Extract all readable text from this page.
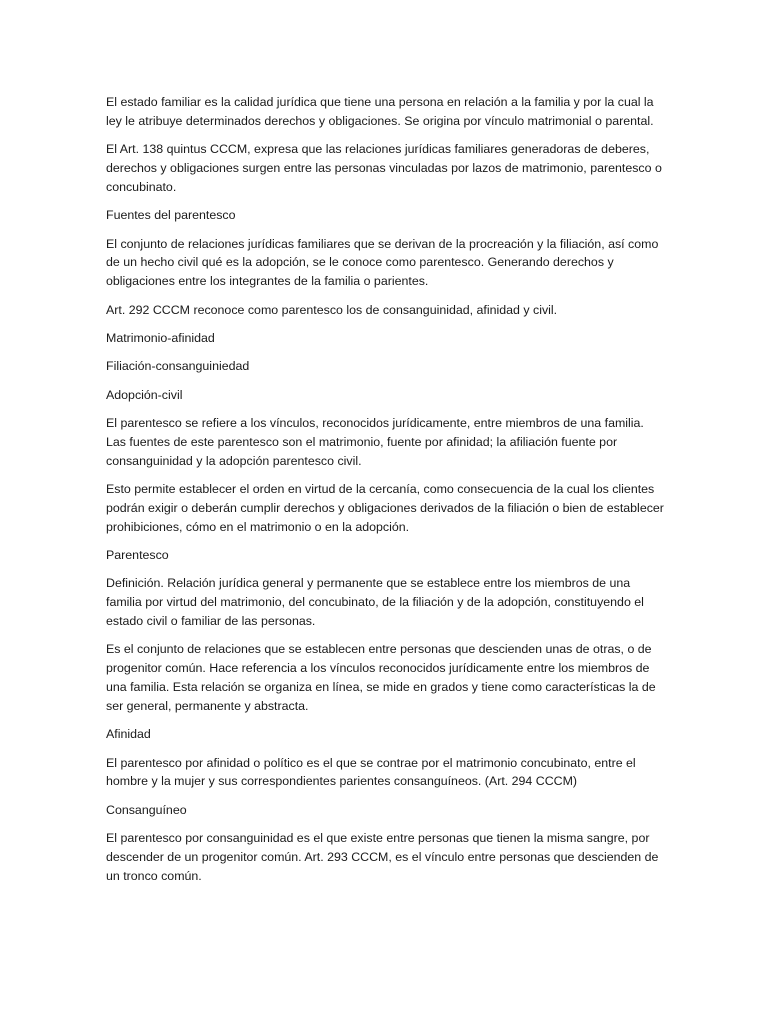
El estado familiar es la calidad jurídica que tiene una persona en relación a la familia y por la cual la ley le atribuye determinados derechos y obligaciones. Se origina por vínculo matrimonial o parental.

El Art. 138 quintus CCCM, expresa que las relaciones jurídicas familiares generadoras de deberes, derechos y obligaciones surgen entre las personas vinculadas por lazos de matrimonio, parentesco o concubinato.

Fuentes del parentesco

El conjunto de relaciones jurídicas familiares que se derivan de la procreación y la filiación, así como de un hecho civil qué es la adopción, se le conoce como parentesco. Generando derechos y obligaciones entre los integrantes de la familia o parientes.

Art. 292 CCCM reconoce como parentesco los de consanguinidad, afinidad y civil.

Matrimonio-afinidad

Filiación-consanguiniedad

Adopción-civil

El parentesco se refiere a los vínculos, reconocidos jurídicamente, entre miembros de una familia. Las fuentes de este parentesco son el matrimonio, fuente por afinidad; la afiliación fuente por consanguinidad y la adopción parentesco civil.

Esto permite establecer el orden en virtud de la cercanía, como consecuencia de la cual los clientes podrán exigir o deberán cumplir derechos y obligaciones derivados de la filiación o bien de establecer prohibiciones, cómo en el matrimonio o en la adopción.

Parentesco

Definición. Relación jurídica general y permanente que se establece entre los miembros de una familia por virtud del matrimonio, del concubinato, de la filiación y de la adopción, constituyendo el estado civil o familiar de las personas.

Es el conjunto de relaciones que se establecen entre personas que descienden unas de otras, o de progenitor común. Hace referencia a los vínculos reconocidos jurídicamente entre los miembros de una familia. Esta relación se organiza en línea, se mide en grados y tiene como características la de ser general, permanente y abstracta.

Afinidad

El parentesco por afinidad o político es el que se contrae por el matrimonio concubinato, entre el hombre y la mujer y sus correspondientes parientes consanguíneos. (Art. 294 CCCM)

Consanguíneo

El parentesco por consanguinidad es el que existe entre personas que tienen la misma sangre, por descender de un progenitor común. Art. 293 CCCM, es el vínculo entre personas que descienden de un tronco común.
